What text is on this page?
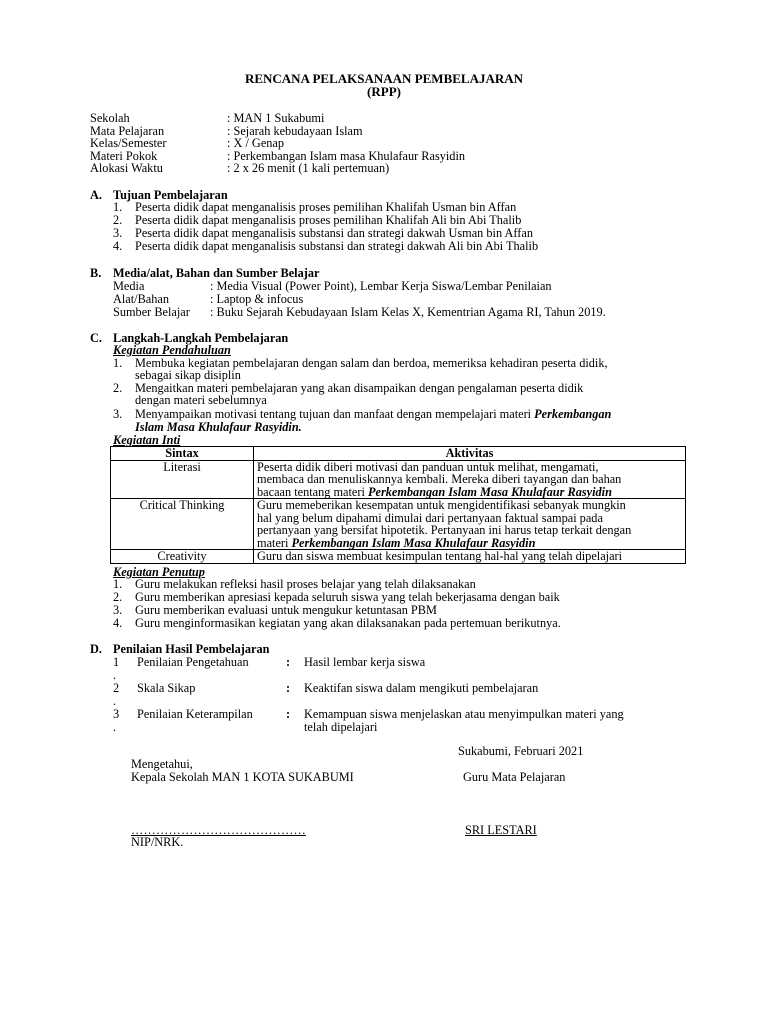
RENCANA PELAKSANAAN PEMBELAJARAN
(RPP)
Sekolah	: MAN 1 Sukabumi
Mata Pelajaran	: Sejarah kebudayaan Islam
Kelas/Semester	: X / Genap
Materi Pokok	: Perkembangan Islam masa Khulafaur Rasyidin
Alokasi Waktu	: 2 x 26 menit (1 kali pertemuan)
A. Tujuan Pembelajaran
1. Peserta didik dapat menganalisis proses pemilihan Khalifah Usman bin Affan
2. Peserta didik dapat menganalisis proses pemilihan Khalifah Ali bin Abi Thalib
3. Peserta didik dapat menganalisis substansi dan strategi dakwah Usman bin Affan
4. Peserta didik dapat menganalisis substansi dan strategi dakwah Ali bin Abi Thalib
B. Media/alat, Bahan dan Sumber Belajar
Media	: Media Visual (Power Point), Lembar Kerja Siswa/Lembar Penilaian
Alat/Bahan	: Laptop & infocus
Sumber Belajar : Buku Sejarah Kebudayaan Islam Kelas X, Kementrian Agama RI, Tahun 2019.
C. Langkah-Langkah Pembelajaran
Kegiatan Pendahuluan
1. Membuka kegiatan pembelajaran dengan salam dan berdoa, memeriksa kehadiran peserta didik,
sebagai sikap disiplin
2. Mengaitkan materi pembelajaran yang akan disampaikan dengan pengalaman peserta didik
dengan materi sebelumnya
3. Menyampaikan motivasi tentang tujuan dan manfaat dengan mempelajari materi Perkembangan
Islam Masa Khulafaur Rasyidin.
Kegiatan Inti
Sintax	Aktivitas
Literasi	Peserta didik diberi motivasi dan panduan untuk melihat, mengamati,
membaca dan menuliskannya kembali. Mereka diberi tayangan dan bahan
bacaan tentang materi Perkembangan Islam Masa Khulafaur Rasyidin

Critical Thinking	Guru memeberikan kesempatan untuk mengidentifikasi sebanyak mungkin
hal yang belum dipahami dimulai dari pertanyaan faktual sampai pada
pertanyaan yang bersifat hipotetik. Pertanyaan ini harus tetap terkait dengan
materi Perkembangan Islam Masa Khulafaur Rasyidin

Creativity	Guru dan siswa membuat kesimpulan tentang hal-hal yang telah dipelajari
Kegiatan Penutup
1. Guru melakukan refleksi hasil proses belajar yang telah dilaksanakan
2. Guru memberikan apresiasi kepada seluruh siswa yang telah bekerjasama dengan baik
3. Guru memberikan evaluasi untuk mengukur ketuntasan PBM
4. Guru menginformasikan kegiatan yang akan dilaksanakan pada pertemuan berikutnya.
D. Penilaian Hasil Pembelajaran
1
.
Penilaian Pengetahuan	: Hasil lembar kerja siswa
2
.
Skala Sikap	: Keaktifan siswa dalam mengikuti pembelajaran
3
.
Penilaian Keterampilan	: Kemampuan siswa menjelaskan atau menyimpulkan materi yang
telah dipelajari
Sukabumi, Februari 2021
Mengetahui,
Kepala Sekolah MAN 1 KOTA SUKABUMI	Guru Mata Pelajaran
……………………………………
NIP/NRK.
SRI LESTARI
